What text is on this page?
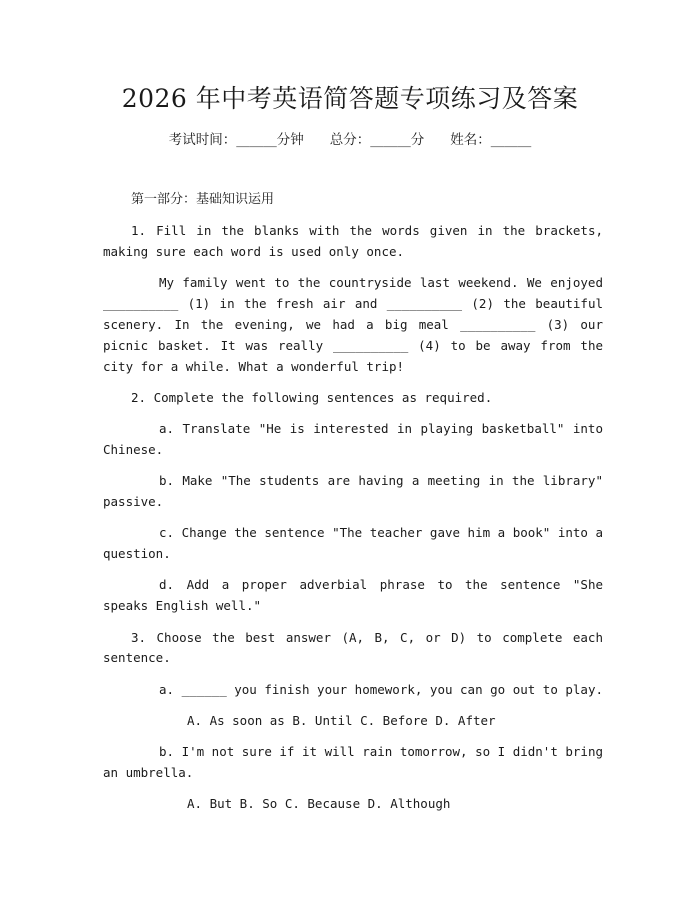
2026 年中考英语简答题专项练习及答案
考试时间：______分钟 总分：______分 姓名：______

第一部分：基础知识运用

1. Fill in the blanks with the words given in the brackets, making sure each word is used only once.

My family went to the countryside last weekend. We enjoyed __________ (1) in the fresh air and __________ (2) the beautiful scenery. In the evening, we had a big meal __________ (3) our picnic basket. It was really __________ (4) to be away from the city for a while. What a wonderful trip!

2. Complete the following sentences as required.

a. Translate "He is interested in playing basketball" into Chinese.

b. Make "The students are having a meeting in the library" passive.

c. Change the sentence "The teacher gave him a book" into a question.

d. Add a proper adverbial phrase to the sentence "She speaks English well."

3. Choose the best answer (A, B, C, or D) to complete each sentence.

a. ______ you finish your homework, you can go out to play.

A. As soon as B. Until C. Before D. After

b. I'm not sure if it will rain tomorrow, so I didn't bring an umbrella.

A. But B. So C. Because D. Although
